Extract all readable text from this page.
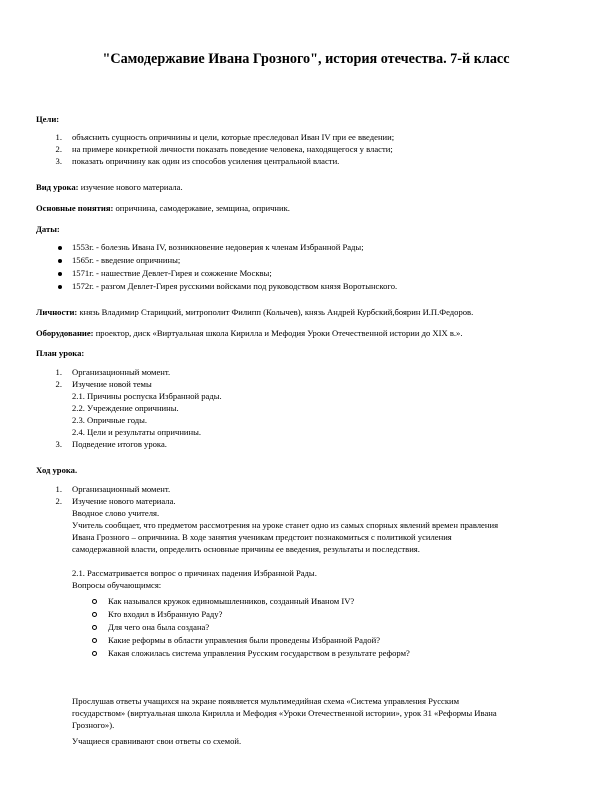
"Самодержавие Ивана Грозного", история отечества. 7-й класс
Цели:
1. объяснить сущность опричнины и цели, которые преследовал Иван IV при ее введении;
2. на примере конкретной личности показать поведение человека, находящегося у власти;
3. показать опричнину как один из способов усиления центральной власти.
Вид урока: изучение нового материала.
Основные понятия: опричнина, самодержавие, земщина, опричник.
Даты:
1553г. - болезнь Ивана IV, возникновение недоверия к членам Избранной Рады;
1565г. - введение опричнины;
1571г. - нашествие Девлет-Гирея и сожжение Москвы;
1572г. - разгом Девлет-Гирея русскими войсками под руководством князя Воротынского.
Личности: князь Владимир Старицкий, митрополит Филипп (Колычев), князь Андрей Курбский,боярин И.П.Федоров.
Оборудование: проектор, диск «Виртуальная школа Кирилла и Мефодия Уроки Отечественной истории до XIX в.».
План урока:
1. Организационный момент.
2. Изучение новой темы
2.1. Причины роспуска Избранной рады.
2.2. Учреждение опричнины.
2.3. Опричные годы.
2.4. Цели и результаты опричнины.
3. Подведение итогов урока.
Ход урока.
1. Организационный момент.
2. Изучение нового материала.
Вводное слово учителя.
Учитель сообщает, что предметом рассмотрения на уроке станет одно из самых спорных явлений времен правления
Ивана Грозного – опричнина. В ходе занятия ученикам предстоит познакомиться с политикой усиления
самодержавной власти, определить основные причины ее введения, результаты и последствия.
2.1. Рассматривается вопрос о причинах падения Избранной Рады.
Вопросы обучающимся:
Как назывался кружок единомышленников, созданный Иваном IV?
Кто входил в Избранную Раду?
Для чего она была создана?
Какие реформы в области управления были проведены Избранной Радой?
Какая сложилась система управления Русским государством в результате реформ?
Прослушав ответы учащихся на экране появляется мультимедийная схема «Система управления Русским
государством» (виртуальная школа Кирилла и Мефодия «Уроки Отечественной истории», урок 31 «Реформы Ивана
Грозного»).
Учащиеся сравнивают свои ответы со схемой.
